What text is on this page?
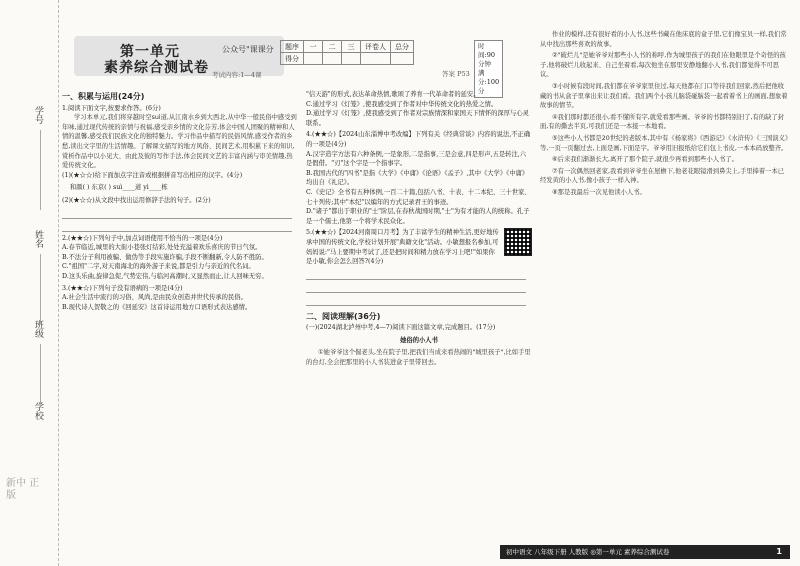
学号
姓名
班级
学校
新中 正版
第一单元
素养综合测试卷
公众号"课课分 题序	一	二	三	评卷人	总分
得分					
时间:90分钟
满分:100分
考试内容:1—4课	答案 P53
一、积累与运用(24分)

1.阅读下面文字,按要求作答。(6分)

学习本单元,我们将穿越时空suì道,从江南水乡到大西北,从中华一般民俗中感受到年味,通过现代传统的亲情与祝福,感受亲乡情的文化芬芳,体会中国人团聚的精神和人情的温馨,感受我们民族文化的独特魅力。学习作品中描写的民俗风情,感受作者的乡愁,读出文字里的生活情趣。了解课文描写的地方风俗、民间艺术,用积累下来的知识,赏析作品中以小见大、由此及彼的写作手法,体会民间文艺的丰富内涵与审美情趣,热爱传统文化。

(1)(★☆☆)给下面加点字注音或根据拼音写出相应的汉字。(4分)

和颜( ) 东京( ) suì____道 yì____栋

(2)(★☆☆)从文段中找出运用修辞手法的句子。(2分)

2.(★★☆)下列句子中,加点词语使用不恰当的一项是(4分)

A.春节临近,城里的大街小巷张灯结彩,处处充溢着欢乐喜庆的节日气氛。

B.不法分子利用被骗、做伪等手段实施诈骗,手段不断翻新,令人防不胜防。

C."祖国"二字,对天南海北的海外游子来说,都是引力与亲近的代名词。

D.这头乐曲,旋律急促,气势宏伟,与临河高潮时,又显然而止,让人回味无穷。

3.(★★☆)下列句子没有语病的一项是(4分)

A.社会生活中流行的习俗、风尚,是由民众创造并世代传承的民俗。

B.现代诗人贺敬之的《回延安》这首诗运用地方口语形式表达感情。

"信天游"的形式,表达革命热情,歌颂了养育一代革命者的延安。

C.通过学习《灯笼》,使我感受到了作者对中华传统文化的热爱之情。

D.通过学习《灯笼》,使我感受到了作者对宗族情深和家国天下情怀的深厚与心灵联系。

4.(★★☆)【2024山东淄博中考改编】下列有关《经典常谈》内容的说法,不正确的一项是(4分)

A.汉字造字方法有六种条例,一是象形,二是指事,三是会意,四是形声,五是转注,六是假借。"刃"这个字是一个指事字。

B.我国古代的"四书"是指《大学》《中庸》《论语》《孟子》,其中《大学》《中庸》均出自《礼记》。

C.《史记》全书有五种体例,一百二十篇,包括八书、十表、十二本纪、三十世家、七十列传;其中"本纪"以编年的方式记录君王的事迹。

D."诸子"都出于职业的"士"阶层,在春秋战国时期,"士"为有才能的人的统称。孔子是一个儒士,他第一个将学术民众化。

5.(★★☆)【2024河南周口月考】为了丰富学生的精神生活,更好地传承中国的传统文化,学校计划开展"典籍文化"活动。小敏想报名参加,可妈妈说:"马上要期中考试了,还是把时间和精力放在学习上吧!"如果你是小敏,你会怎么回答?(4分)

二、阅读理解(36分)

(一)(2024湖北泸州中考,4—7)阅读下面这篇文章,完成题目。(17分)

她俗的小人书

①她爷爷这个倔老头,坐在院子里,把我们当成来看热闹的"城里孩子",比如手里的台灯,全会把那里的小人书装进盒子里带回去。

作业的模样,还有很好看的小人书,这些书藏在他床底的盒子里,它们像宝贝一样,我们常从中找出那些喜欢的故事。

②"破烂儿"是她爷爷对那些小人书的称呼,作为城里孩子的我们在他眼里是个奇怪的孩子,他将破烂儿收起来、自己坐着看,每次他坐在那里安静地翻小人书,我们都觉得不可思议。

③小时候有段时间,我们都在爷爷家里住过,每天他都在门口等待我们回家,然后把他收藏的书从盒子里拿出来让我们看。我们两个小孩儿脑袋碰脑袋一起看着书上的画面,想象着故事的情节。

④我们那时都还很小,看不懂所有字,就爱看那些画。爷爷的书都特别旧了,有的缺了封面,有的撕去半页,可我们还是一本接一本地看。

⑤这些小人书都是20世纪的老版本,其中有《杨家将》《西游记》《水浒传》《三国演义》等,一页一页翻过去,上面是画,下面是字。爷爷用旧报纸给它们包上书皮,一本本码放整齐。

⑥后来我们渐渐长大,离开了那个院子,就很少再看到那些小人书了。

⑦有一次偶然回老家,我看到爷爷坐在屋檐下,他老花眼镜滑到鼻尖上,手里捧着一本已经发黄的小人书,像小孩子一样入神。

⑧那是我最后一次见他读小人书。

初中语文 八年级下册 人教版 ◎第一单元 素养综合测试卷	1
